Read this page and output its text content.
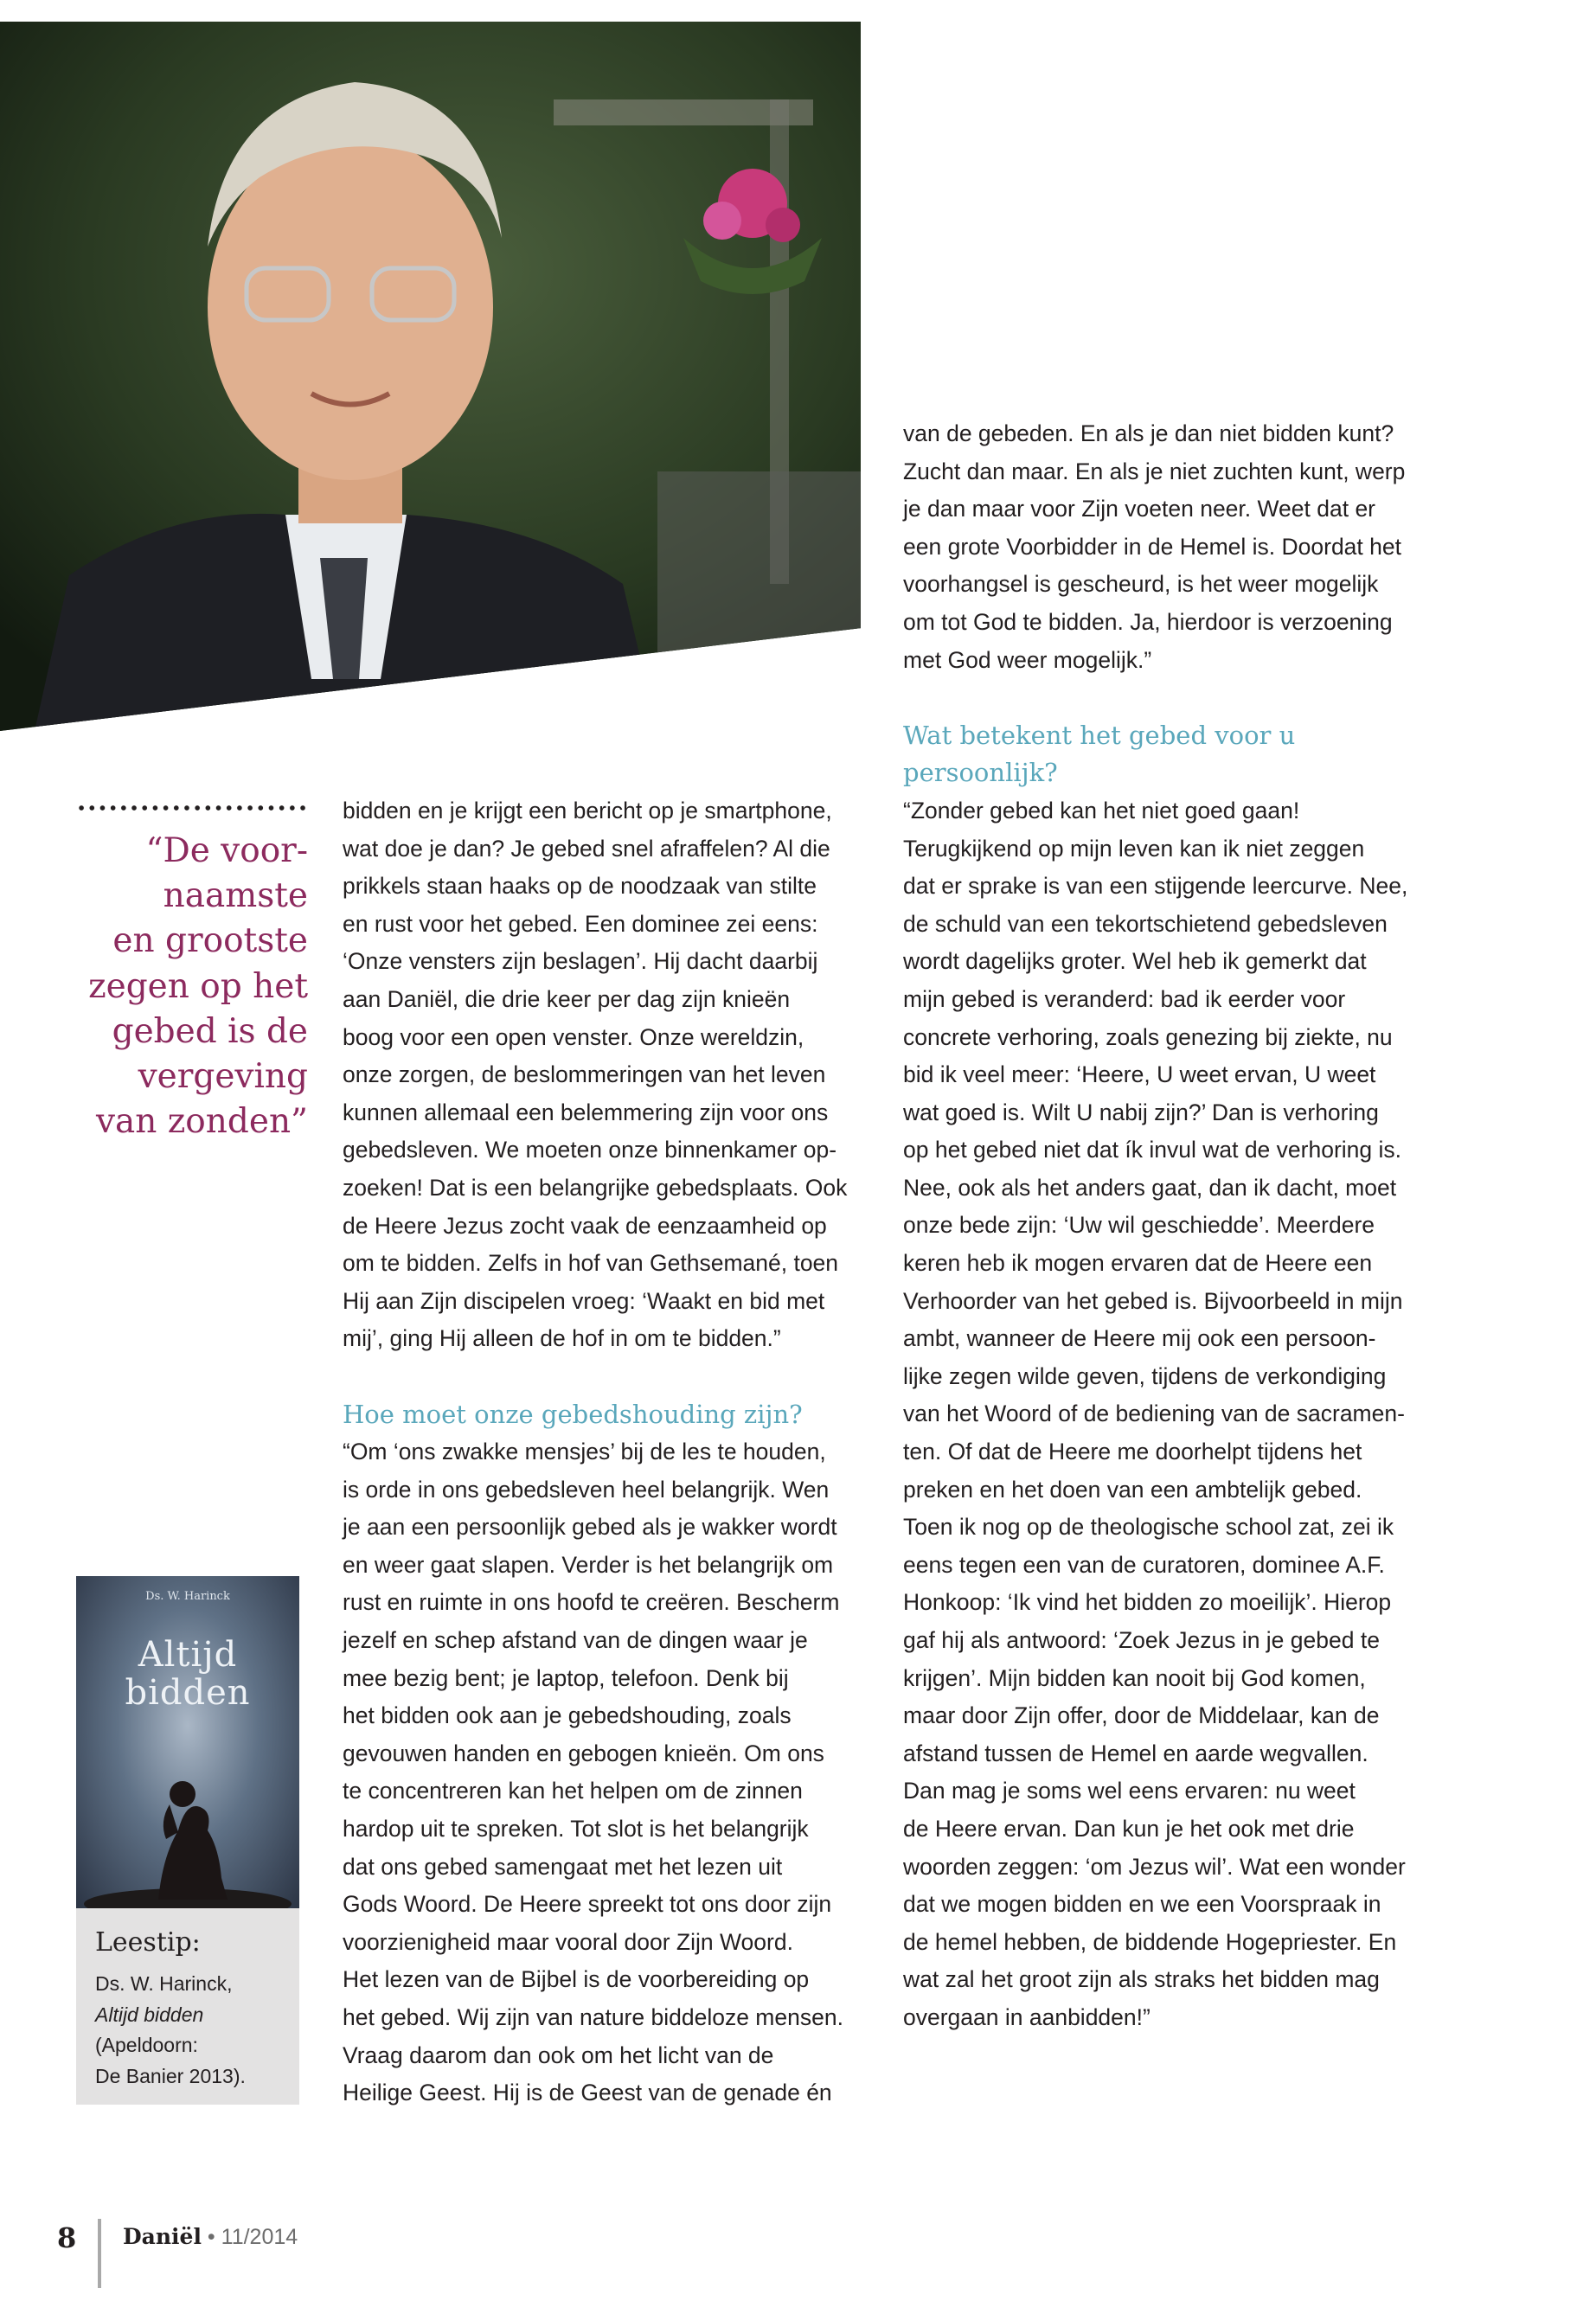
van de gebeden. En als je dan niet bidden kunt?

Zucht dan maar. En als je niet zuchten kunt, werp

je dan maar voor Zijn voeten neer. Weet dat er

een grote Voorbidder in de Hemel is. Doordat het

voorhangsel is gescheurd, is het weer mogelijk

om tot God te bidden. Ja, hierdoor is verzoening

met God weer mogelijk.”

Wat betekent het gebed voor u
persoonlijk?

“Zonder gebed kan het niet goed gaan!

Terugkijkend op mijn leven kan ik niet zeggen

dat er sprake is van een stijgende leercurve. Nee,

de schuld van een tekortschietend gebedsleven

wordt dagelijks groter. Wel heb ik gemerkt dat

mijn gebed is veranderd: bad ik eerder voor

concrete verhoring, zoals genezing bij ziekte, nu

bid ik veel meer: ‘Heere, U weet ervan, U weet

wat goed is. Wilt U nabij zijn?’ Dan is verhoring

op het gebed niet dat ík invul wat de verhoring is.

Nee, ook als het anders gaat, dan ik dacht, moet

onze bede zijn: ‘Uw wil geschiedde’. Meerdere

keren heb ik mogen ervaren dat de Heere een

Verhoorder van het gebed is. Bijvoorbeeld in mijn

ambt, wanneer de Heere mij ook een persoon-

lijke zegen wilde geven, tijdens de verkondiging

van het Woord of de bediening van de sacramen-

ten. Of dat de Heere me doorhelpt tijdens het

preken en het doen van een ambtelijk gebed.

Toen ik nog op de theologische school zat, zei ik

eens tegen een van de curatoren, dominee A.F.

Honkoop: ‘Ik vind het bidden zo moeilijk’. Hierop

gaf hij als antwoord: ‘Zoek Jezus in je gebed te

krijgen’. Mijn bidden kan nooit bij God komen,

maar door Zijn offer, door de Middelaar, kan de

afstand tussen de Hemel en aarde wegvallen.

Dan mag je soms wel eens ervaren: nu weet

de Heere ervan. Dan kun je het ook met drie

woorden zeggen: ‘om Jezus wil’. Wat een wonder

dat we mogen bidden en we een Voorspraak in

de hemel hebben, de biddende Hogepriester. En

wat zal het groot zijn als straks het bidden mag

overgaan in aanbidden!”

bidden en je krijgt een bericht op je smartphone,

wat doe je dan? Je gebed snel afraffelen? Al die

prikkels staan haaks op de noodzaak van stilte

en rust voor het gebed. Een dominee zei eens:

‘Onze vensters zijn beslagen’. Hij dacht daarbij

aan Daniël, die drie keer per dag zijn knieën

boog voor een open venster. Onze wereldzin,

onze zorgen, de beslommeringen van het leven

kunnen allemaal een belemmering zijn voor ons

gebedsleven. We moeten onze binnenkamer op-

zoeken! Dat is een belangrijke gebedsplaats. Ook

de Heere Jezus zocht vaak de eenzaamheid op

om te bidden. Zelfs in hof van Gethsemané, toen

Hij aan Zijn discipelen vroeg: ‘Waakt en bid met

mij’, ging Hij alleen de hof in om te bidden.”

Hoe moet onze gebedshouding zijn?

“Om ‘ons zwakke mensjes’ bij de les te houden,

is orde in ons gebedsleven heel belangrijk. Wen

je aan een persoonlijk gebed als je wakker wordt

en weer gaat slapen. Verder is het belangrijk om

rust en ruimte in ons hoofd te creëren. Bescherm

jezelf en schep afstand van de dingen waar je

mee bezig bent; je laptop, telefoon. Denk bij

het bidden ook aan je gebedshouding, zoals

gevouwen handen en gebogen knieën. Om ons

te concentreren kan het helpen om de zinnen

hardop uit te spreken. Tot slot is het belangrijk

dat ons gebed samengaat met het lezen uit

Gods Woord. De Heere spreekt tot ons door zijn

voorzienigheid maar vooral door Zijn Woord.

Het lezen van de Bijbel is de voorbereiding op

het gebed. Wij zijn van nature biddeloze mensen.

Vraag daarom dan ook om het licht van de

Heilige Geest. Hij is de Geest van de genade én

“De voor-
naamste
en grootste
zegen op het
gebed is de
vergeving
van zonden”
Ds. W. Harinck
Altijd
bidden
Leestip:
Ds. W. Harinck,
Altijd bidden
(Apeldoorn:
De Banier 2013).
8 Daniël • 11/2014
